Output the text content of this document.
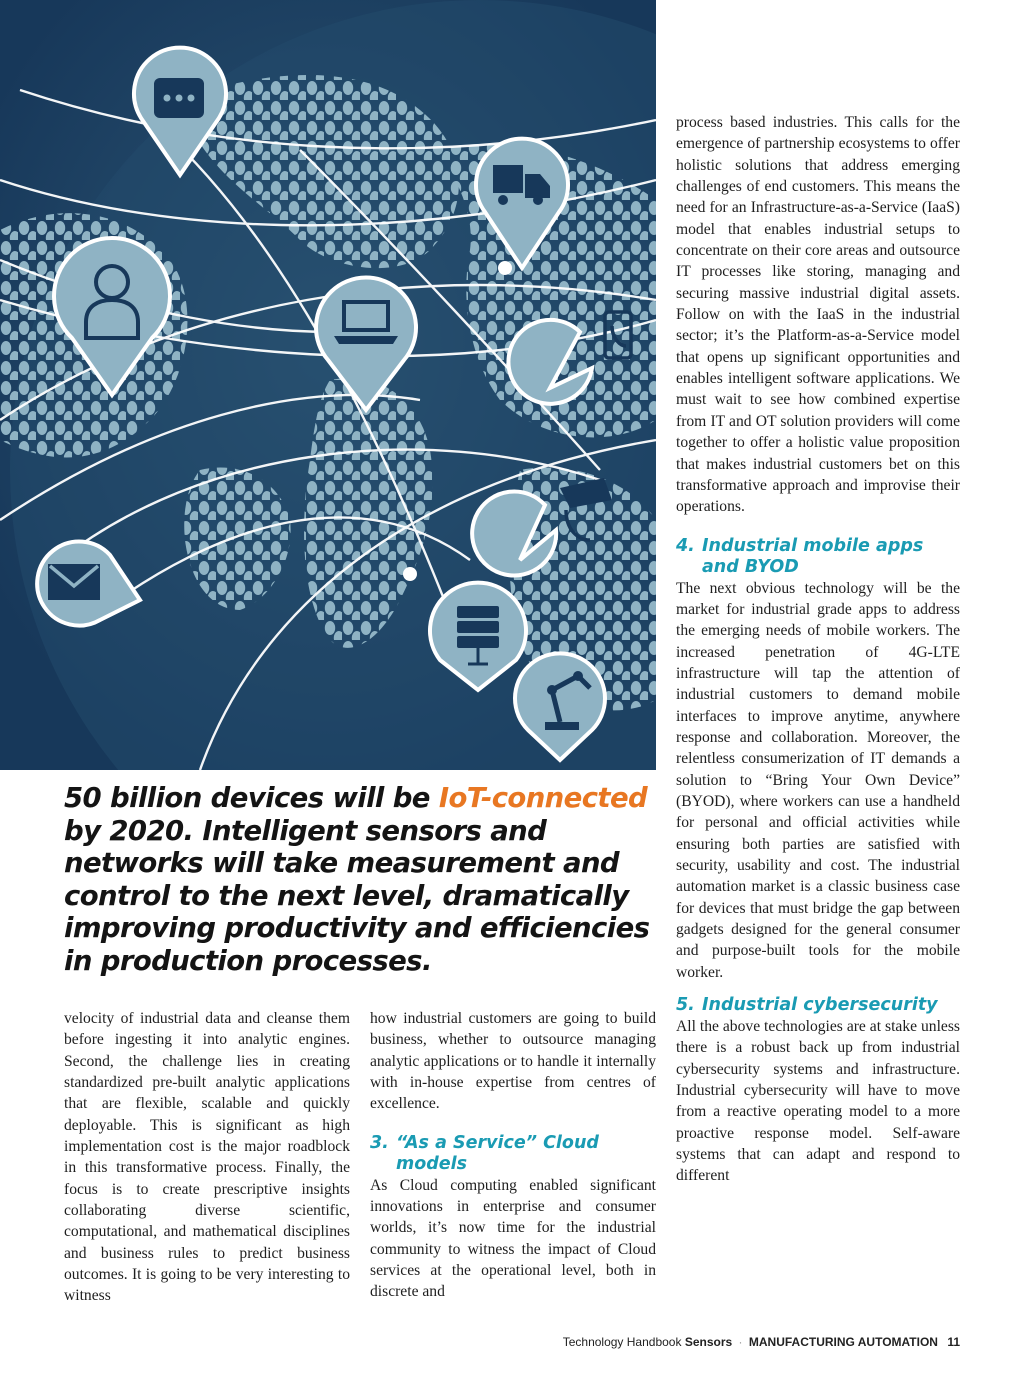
50 billion devices will be IoT-connected by 2020. Intelligent sensors and networks will take measurement and control to the next level, dramatically improving productivity and efficiencies in production processes.

velocity of industrial data and cleanse them before ingesting it into analytic engines. Second, the challenge lies in creating standardized pre-built analytic applications that are flexible, scalable and quickly deployable. This is significant as high implementation cost is the major roadblock in this transformative process. Finally, the focus is to create prescriptive insights collaborating diverse scientific, computational, and mathematical disciplines and business rules to predict business outcomes. It is going to be very interesting to witness

how industrial customers are going to build business, whether to outsource managing analytic applications or to handle it internally with in-house expertise from centres of excellence.

3. “As a Service” Cloud models

As Cloud computing enabled significant innovations in enterprise and consumer worlds, it’s now time for the industrial community to witness the impact of Cloud services at the operational level, both in discrete and

process based industries. This calls for the emergence of partnership ecosystems to offer holistic solutions that address emerging challenges of end customers. This means the need for an Infrastructure-as-a-Service (IaaS) model that enables industrial setups to concentrate on their core areas and outsource IT processes like storing, managing and securing massive industrial digital assets. Follow on with the IaaS in the industrial sector; it’s the Platform-as-a-Service model that opens up significant opportunities and enables intelligent software applications. We must wait to see how combined expertise from IT and OT solution providers will come together to offer a holistic value proposition that makes industrial customers bet on this transformative approach and improvise their operations.

4. Industrial mobile apps and BYOD

The next obvious technology will be the market for industrial grade apps to address the emerging needs of mobile workers. The increased penetration of 4G-LTE infrastructure will tap the attention of industrial customers to demand mobile interfaces to improve anytime, anywhere response and collaboration. Moreover, the relentless consumerization of IT demands a solution to “Bring Your Own Device” (BYOD), where workers can use a handheld for personal and official activities while ensuring both parties are satisfied with security, usability and cost. The industrial automation market is a classic business case for devices that must bridge the gap between gadgets designed for the general consumer and purpose-built tools for the mobile worker.

5. Industrial cybersecurity

All the above technologies are at stake unless there is a robust back up from industrial cybersecurity systems and infrastructure. Industrial cybersecurity will have to move from a reactive operating model to a more proactive response model. Self-aware systems that can adapt and respond to different

Technology Handbook Sensors · MANUFACTURING AUTOMATION 11
